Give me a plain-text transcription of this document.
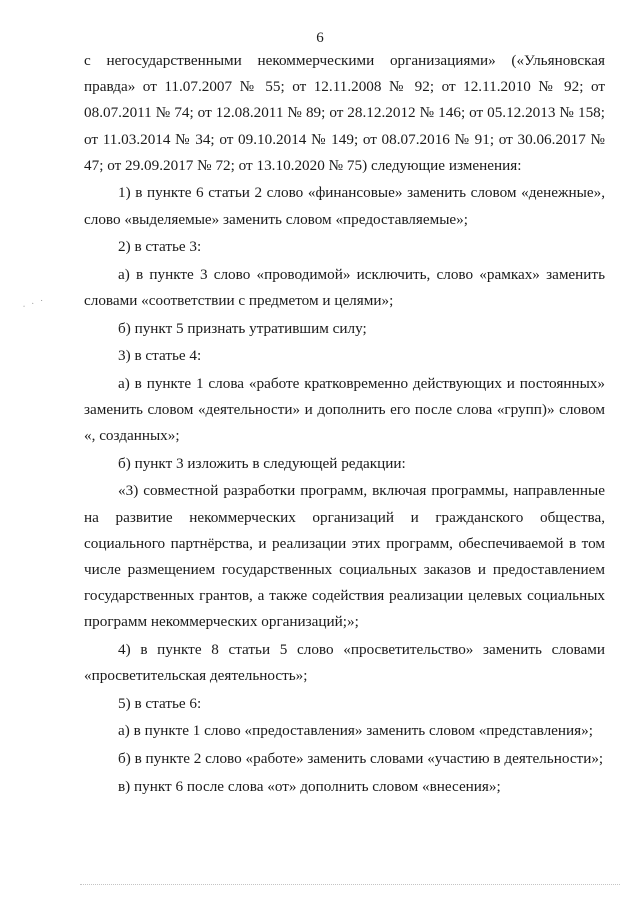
6
· · ·

с негосударственными некоммерческими организациями» («Ульяновская правда» от 11.07.2007 № 55; от 12.11.2008 № 92; от 12.11.2010 № 92; от 08.07.2011 № 74; от 12.08.2011 № 89; от 28.12.2012 № 146; от 05.12.2013 № 158; от 11.03.2014 № 34; от 09.10.2014 № 149; от 08.07.2016 № 91; от 30.06.2017 № 47; от 29.09.2017 № 72; от 13.10.2020 № 75) следующие изменения:

1) в пункте 6 статьи 2 слово «финансовые» заменить словом «денежные», слово «выделяемые» заменить словом «предоставляемые»;

2) в статье 3:

а) в пункте 3 слово «проводимой» исключить, слово «рамках» заменить словами «соответствии с предметом и целями»;

б) пункт 5 признать утратившим силу;

3) в статье 4:

а) в пункте 1 слова «работе кратковременно действующих и постоянных» заменить словом «деятельности» и дополнить его после слова «групп)» словом «, созданных»;

б) пункт 3 изложить в следующей редакции:

«3) совместной разработки программ, включая программы, направленные на развитие некоммерческих организаций и гражданского общества, социального партнёрства, и реализации этих программ, обеспечиваемой в том числе размещением государственных социальных заказов и предоставлением государственных грантов, а также содействия реализации целевых социальных программ некоммерческих организаций;»;

4) в пункте 8 статьи 5 слово «просветительство» заменить словами «просветительская деятельность»;

5) в статье 6:

а) в пункте 1 слово «предоставления» заменить словом «представления»;

б) в пункте 2 слово «работе» заменить словами «участию в деятельности»;

в) пункт 6 после слова «от» дополнить словом «внесения»;
